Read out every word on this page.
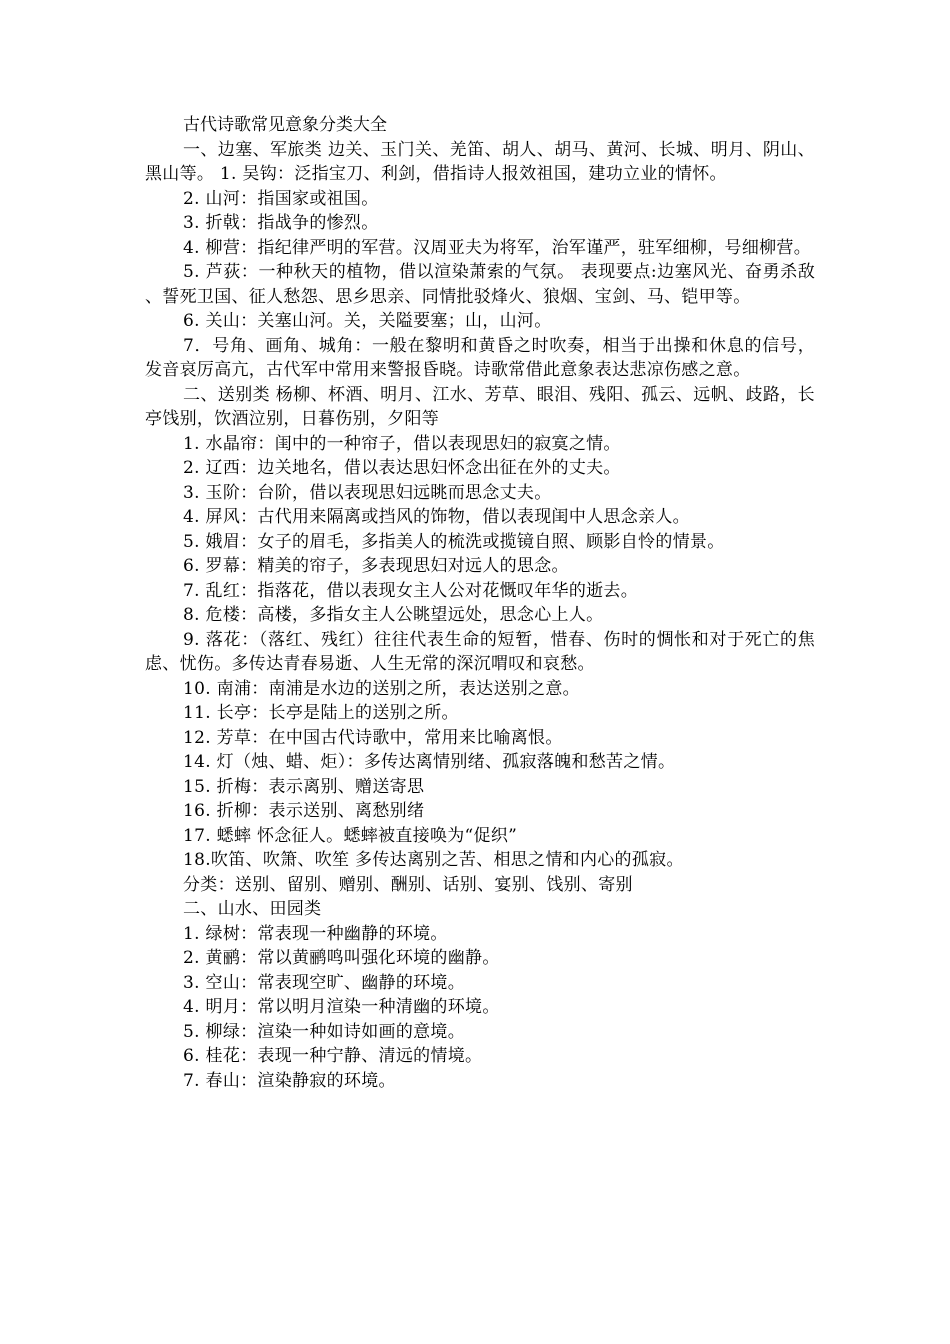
古代诗歌常见意象分类大全

一、边塞、军旅类 边关、玉门关、羌笛、胡人、胡马、黄河、长城、明月、阴山、黑山等。 1. 吴钩：泛指宝刀、利剑，借指诗人报效祖国，建功立业的情怀。

2. 山河：指国家或祖国。

3. 折戟：指战争的惨烈。

4. 柳营：指纪律严明的军营。汉周亚夫为将军，治军谨严，驻军细柳，号细柳营。

5. 芦荻：一种秋天的植物，借以渲染萧索的气氛。 表现要点:边塞风光、奋勇杀敌 、誓死卫国、征人愁怨、思乡思亲、同情批驳烽火、狼烟、宝剑、马、铠甲等。

6. 关山：关塞山河。关，关隘要塞；山，山河。

7．号角、画角、城角：一般在黎明和黄昏之时吹奏，相当于出操和休息的信号，发音哀厉高亢，古代军中常用来警报昏晓。诗歌常借此意象表达悲凉伤感之意。

二、送别类 杨柳、杯酒、明月、江水、芳草、眼泪、残阳、孤云、远帆、歧路，长亭饯别，饮酒泣别，日暮伤别，夕阳等

1. 水晶帘：闺中的一种帘子，借以表现思妇的寂寞之情。

2. 辽西：边关地名，借以表达思妇怀念出征在外的丈夫。

3. 玉阶：台阶，借以表现思妇远眺而思念丈夫。

4. 屏风：古代用来隔离或挡风的饰物，借以表现闺中人思念亲人。

5. 娥眉：女子的眉毛，多指美人的梳洗或揽镜自照、顾影自怜的情景。

6. 罗幕：精美的帘子，多表现思妇对远人的思念。

7. 乱红：指落花，借以表现女主人公对花慨叹年华的逝去。

8. 危楼：高楼，多指女主人公眺望远处，思念心上人。

9. 落花：（落红、残红）往往代表生命的短暂，惜春、伤时的惆怅和对于死亡的焦虑、忧伤。多传达青春易逝、人生无常的深沉喟叹和哀愁。

10. 南浦：南浦是水边的送别之所，表达送别之意。

11. 长亭：长亭是陆上的送别之所。

12. 芳草：在中国古代诗歌中，常用来比喻离恨。

14. 灯（烛、蜡、炬）：多传达离情别绪、孤寂落魄和愁苦之情。

15. 折梅：表示离别、赠送寄思

16. 折柳：表示送别、离愁别绪

17. 蟋蟀 怀念征人。蟋蟀被直接唤为“促织”

18.吹笛、吹箫、吹笙 多传达离别之苦、相思之情和内心的孤寂。

分类：送别、留别、赠别、酬别、话别、宴别、饯别、寄别

二、山水、田园类

1. 绿树：常表现一种幽静的环境。

2. 黄鹂：常以黄鹂鸣叫强化环境的幽静。

3. 空山：常表现空旷、幽静的环境。

4. 明月：常以明月渲染一种清幽的环境。

5. 柳绿：渲染一种如诗如画的意境。

6. 桂花：表现一种宁静、清远的情境。

7. 春山：渲染静寂的环境。
